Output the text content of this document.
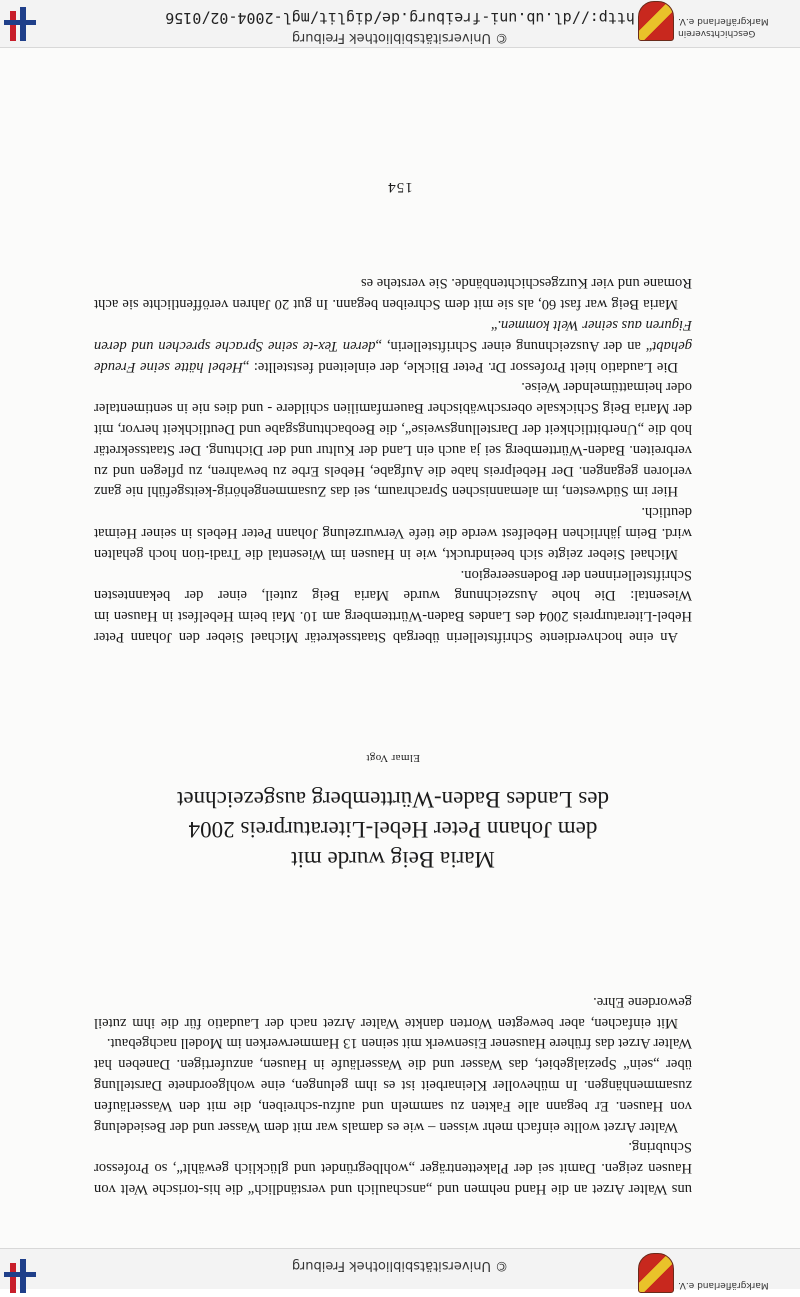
© Universitätsbibliothek Freiburg
Markgräflerland e.V.

uns Walter Arzet an die Hand nehmen und „anschaulich und verständlich“ die his-torische Welt von Hausen zeigen. Damit sei der Plakettenträger „wohlbegründet und glücklich gewählt“, so Professor Schubring.

Walter Arzet wollte einfach mehr wissen – wie es damals war mit dem Wasser und der Besiedelung von Hausen. Er begann alle Fakten zu sammeln und aufzu-schreiben, die mit den Wasserläufen zusammenhängen. In mühevoller Kleinarbeit ist es ihm gelungen, eine wohlgeordnete Darstellung über „sein“ Spezialgebiet, das Wasser und die Wasserläufe in Hausen, anzufertigen. Daneben hat Walter Arzet das frühere Hausener Eisenwerk mit seinen 13 Hammerwerken im Modell nachgebaut.

Mit einfachen, aber bewegten Worten dankte Walter Arzet nach der Laudatio für die ihm zuteil gewordene Ehre.

Maria Beig wurde mit
dem Johann Peter Hebel-Literaturpreis 2004
des Landes Baden-Württemberg ausgezeichnet
Elmar Vogt

An eine hochverdiente Schriftstellerin übergab Staatssekretär Michael Sieber den Johann Peter Hebel-Literaturpreis 2004 des Landes Baden-Württemberg am 10. Mai beim Hebelfest in Hausen im Wiesental: Die hohe Auszeichnung wurde Maria Beig zuteil, einer der bekanntesten Schriftstellerinnen der Bodenseeregion.

Michael Sieber zeigte sich beeindruckt, wie in Hausen im Wiesental die Tradi-tion hoch gehalten wird. Beim jährlichen Hebelfest werde die tiefe Verwurzelung Johann Peter Hebels in seiner Heimat deutlich.

Hier im Südwesten, im alemannischen Sprachraum, sei das Zusammengehörig-keitsgefühl nie ganz verloren gegangen. Der Hebelpreis habe die Aufgabe, Hebels Erbe zu bewahren, zu pflegen und zu verbreiten. Baden-Württemberg sei ja auch ein Land der Kultur und der Dichtung. Der Staatssekretär hob die „Unerbittlichkeit der Darstellungsweise“, die Beobachtungsgabe und Deutlichkeit hervor, mit der Maria Beig Schicksale oberschwäbischer Bauernfamilien schildere - und dies nie in sentimentaler oder heimattümelnder Weise.

Die Laudatio hielt Professor Dr. Peter Blickle, der einleitend feststellte: „Hebel hätte seine Freude gehabt“ an der Auszeichnung einer Schriftstellerin, „deren Tex-te seine Sprache sprechen und deren Figuren aus seiner Welt kommen.“

Maria Beig war fast 60, als sie mit dem Schreiben begann. In gut 20 Jahren veröffentlichte sie acht Romane und vier Kurzgeschichtenbände. Sie verstehe es

154
© Universitätsbibliothek Freiburg
http://dl.ub.uni-freiburg.de/diglit/mgl-2004-02/0156
Geschichtsverein
Markgräflerland e.V.
